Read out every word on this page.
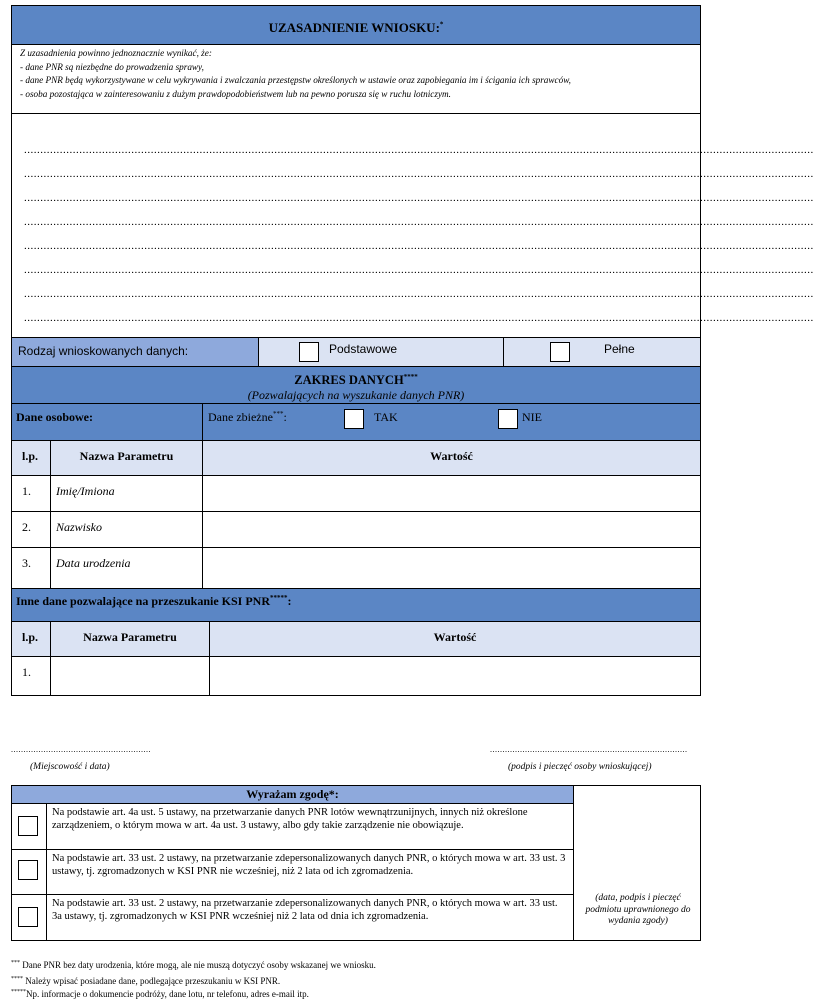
UZASADNIENIE WNIOSKU:*
Z uzasadnienia powinno jednoznacznie wynikać, że:
- dane PNR są niezbędne do prowadzenia sprawy,
- dane PNR będą wykorzystywane w celu wykrywania i zwalczania przestępstw określonych w ustawie oraz zapobiegania im i ścigania ich sprawców,
- osoba pozostająca w zainteresowaniu z dużym prawdopodobieństwem lub na pewno porusza się w ruchu lotniczym.
...................................................................................................................................................................................................................................................
...................................................................................................................................................................................................................................................
...................................................................................................................................................................................................................................................
...................................................................................................................................................................................................................................................
...................................................................................................................................................................................................................................................
...................................................................................................................................................................................................................................................
...................................................................................................................................................................................................................................................
...................................................................................................................................................................................................................................................
Rodzaj wnioskowanych danych:	Podstawowe	Pełne
ZAKRES DANYCH****
(Pozwalających na wyszukanie danych PNR)
Dane osobowe:	Dane zbieżne***:	TAK	NIE
l.p.	Nazwa Parametru	Wartość
1. Imię/Imiona
2. Nazwisko
3. Data urodzenia
Inne dane pozwalające na przeszukanie KSI PNR*****:
l.p.	Nazwa Parametru	Wartość
1.
........................................................
(Miejscowość i data)
...............................................................................
(podpis i pieczęć osoby wnioskującej)
Wyrażam zgodę*:
(data, podpis i pieczęć podmiotu uprawnionego do wydania zgody)
Na podstawie art. 4a ust. 5 ustawy, na przetwarzanie danych PNR lotów wewnątrzunijnych, innych niż określone zarządzeniem, o którym mowa w art. 4a ust. 3 ustawy, albo gdy takie zarządzenie nie obowiązuje.
Na podstawie art. 33 ust. 2 ustawy, na przetwarzanie zdepersonalizowanych danych PNR, o których mowa w art. 33 ust. 3 ustawy, tj. zgromadzonych w KSI PNR nie wcześniej, niż 2 lata od ich zgromadzenia.
Na podstawie art. 33 ust. 2 ustawy, na przetwarzanie zdepersonalizowanych danych PNR, o których mowa w art. 33 ust. 3a ustawy, tj. zgromadzonych w KSI PNR wcześniej niż 2 lata od dnia ich zgromadzenia.
*** Dane PNR bez daty urodzenia, które mogą, ale nie muszą dotyczyć osoby wskazanej we wniosku.
**** Należy wpisać posiadane dane, podlegające przeszukaniu w KSI PNR.
*****Np. informacje o dokumencie podróży, dane lotu, nr telefonu, adres e-mail itp.
